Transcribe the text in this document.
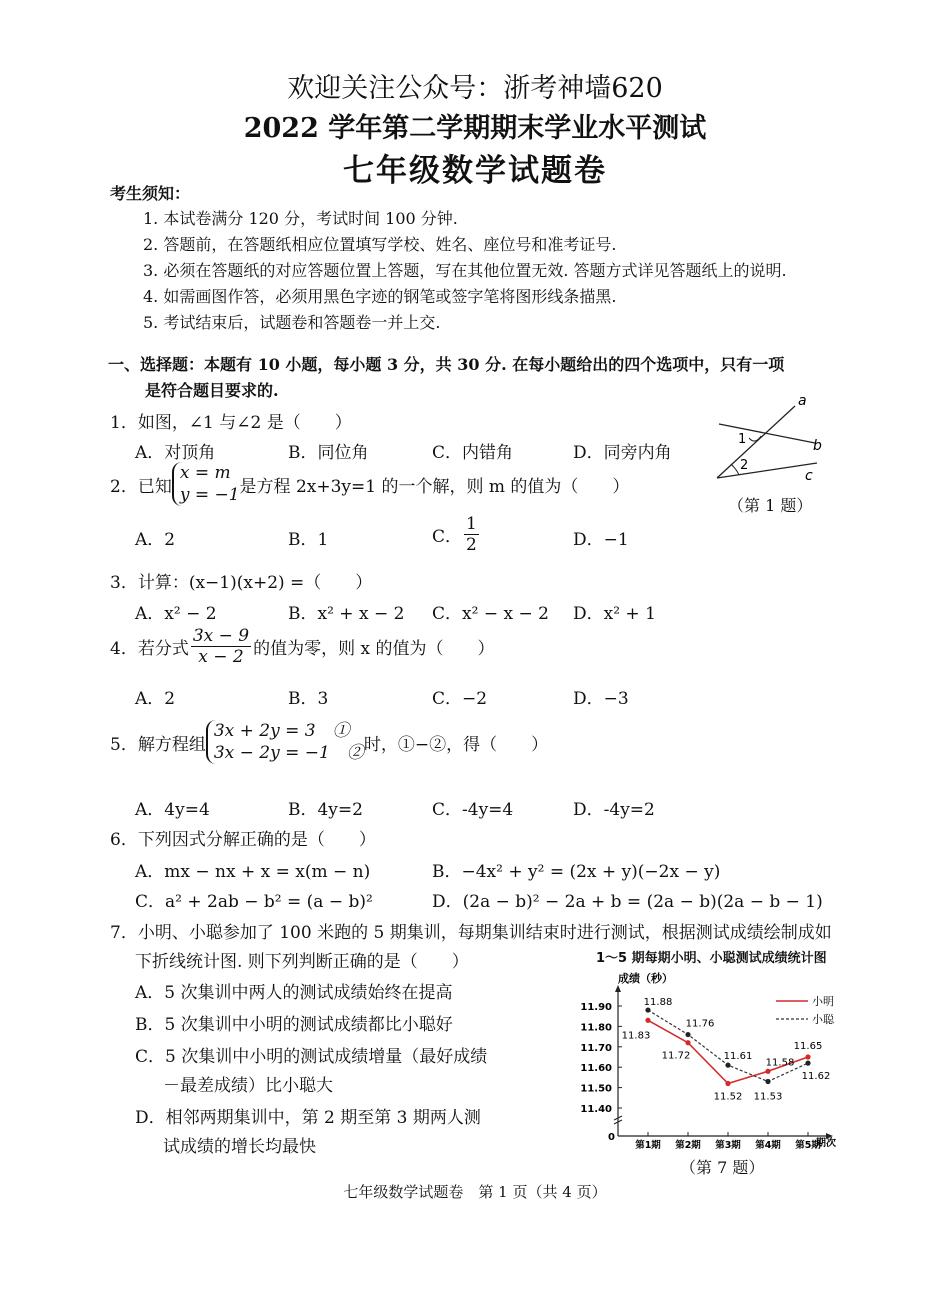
欢迎关注公众号：浙考神墙620
2022 学年第二学期期末学业水平测试
七年级数学试题卷
考生须知：
1. 本试卷满分 120 分，考试时间 100 分钟.
2. 答题前，在答题纸相应位置填写学校、姓名、座位号和准考证号.
3. 必须在答题纸的对应答题位置上答题，写在其他位置无效. 答题方式详见答题纸上的说明.
4. 如需画图作答，必须用黑色字迹的钢笔或签字笔将图形线条描黑.
5. 考试结束后，试题卷和答题卷一并上交.
一、选择题：本题有 10 小题，每小题 3 分，共 30 分. 在每小题给出的四个选项中，只有一项
是符合题目要求的.
1．如图，∠1 与∠2 是（　　）
A．对顶角	B．同位角	C．内错角	D．同旁内角
a
b
c
1
2
（第 1 题）
2．已知
x = m
y = −1 是方程 2x+3y=1 的一个解，则 m 的值为（　　）
A．2	B．1	C． $\frac{1}{2}$	D．−1
3．计算：(x−1)(x+2) =（　　）
A．x² − 2	B．x² + x − 2 C．x² − x − 2 D．x² + 1
4．若分式 $\frac{3x - 9}{x - 2}$ 的值为零，则 x 的值为（　　）
A．2	B．3	C．−2	D．−3
5．解方程组
3x + 2y = 3　①
3x − 2y = −1　② 时，①−②，得（　　）
A．4y=4	B．4y=2	C．-4y=4	D．-4y=2
6．下列因式分解正确的是（　　）
A．mx − nx + x = x(m − n)	B．−4x² + y² = (2x + y)(−2x − y)
C．a² + 2ab − b² = (a − b)²	D．(2a − b)² − 2a + b = (2a − b)(2a − b − 1)
7．小明、小聪参加了 100 米跑的 5 期集训，每期集训结束时进行测试，根据测试成绩绘制成如
下折线统计图. 则下列判断正确的是（　　）
A．5 次集训中两人的测试成绩始终在提高
B．5 次集训中小明的测试成绩都比小聪好
C．5 次集训中小明的测试成绩增量（最好成绩
－最差成绩）比小聪大
D．相邻两期集训中，第 2 期至第 3 期两人测
试成绩的增长均最快
1～5 期每期小明、小聪测试成绩统计图
成绩（秒）
期次
0
小明
小聪
11.90
11.80
11.70
11.60
11.50
11.40
第1期 第2期 第3期 第4期 第5期
11.83
11.72
11.52
11.58
11.65
11.88
11.76
11.61
11.53
11.62
（第 7 题）
七年级数学试题卷　第 1 页（共 4 页）
